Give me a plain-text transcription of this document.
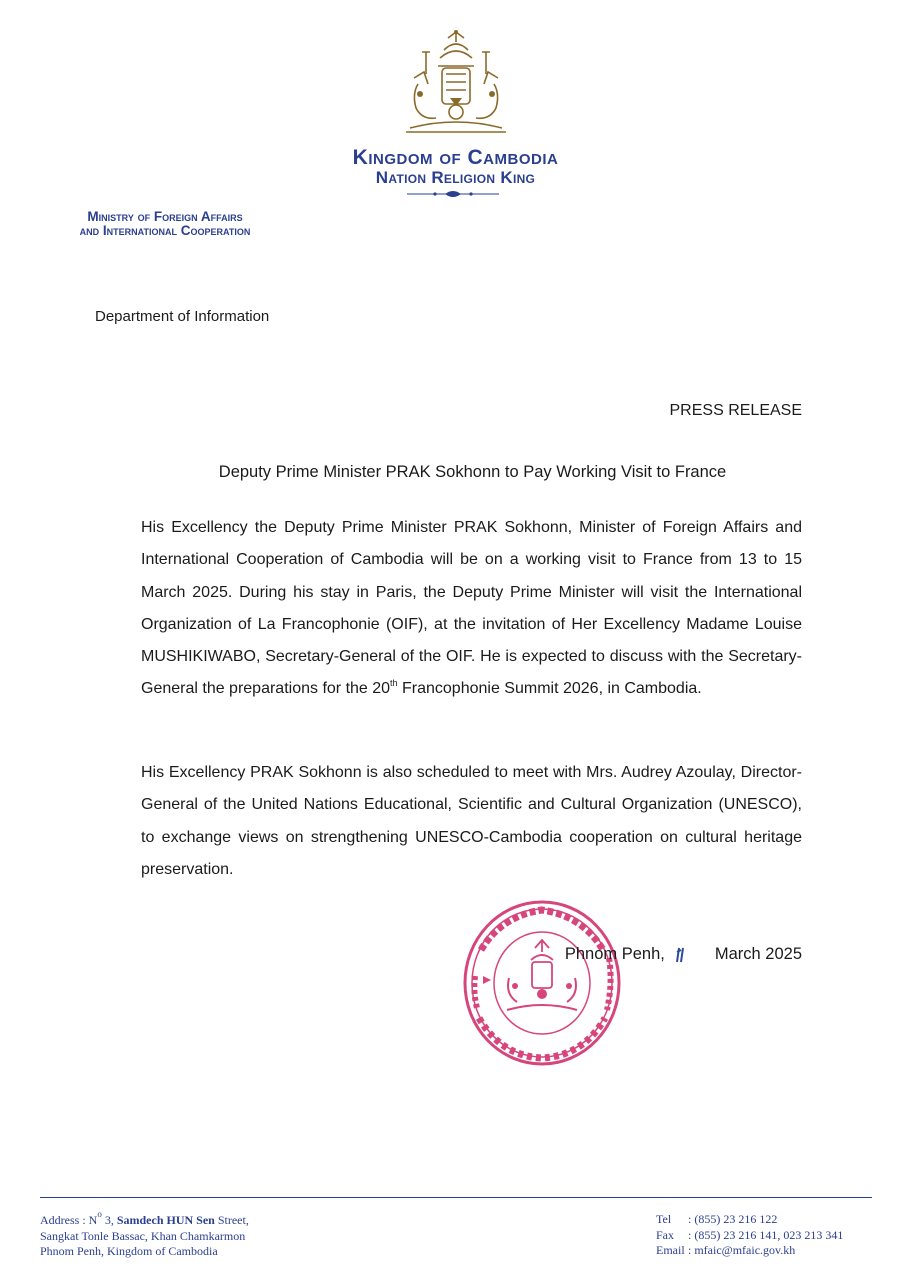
Kingdom of Cambodia
Nation Religion King
Ministry of Foreign Affairs
and International Cooperation
Department of Information
PRESS RELEASE
Deputy Prime Minister PRAK Sokhonn to Pay Working Visit to France

His Excellency the Deputy Prime Minister PRAK Sokhonn, Minister of Foreign Affairs and International Cooperation of Cambodia will be on a working visit to France from 13 to 15 March 2025. During his stay in Paris, the Deputy Prime Minister will visit the International Organization of La Francophonie (OIF), at the invitation of Her Excellency Madame Louise MUSHIKIWABO, Secretary-General of the OIF. He is expected to discuss with the Secretary-General the preparations for the 20th Francophonie Summit 2026, in Cambodia.

His Excellency PRAK Sokhonn is also scheduled to meet with Mrs. Audrey Azoulay, Director-General of the United Nations Educational, Scientific and Cultural Organization (UNESCO), to exchange views on strengthening UNESCO-Cambodia cooperation on cultural heritage preservation.

Phnom Penh,	March 2025
Address : $N^o$ 3, Samdech HUN Sen Street,
Sangkat Tonle Bassac, Khan Chamkarmon
Phnom Penh, Kingdom of Cambodia
Tel : (855) 23 216 122
Fax : (855) 23 216 141, 023 213 341
Email : mfaic@mfaic.gov.kh
